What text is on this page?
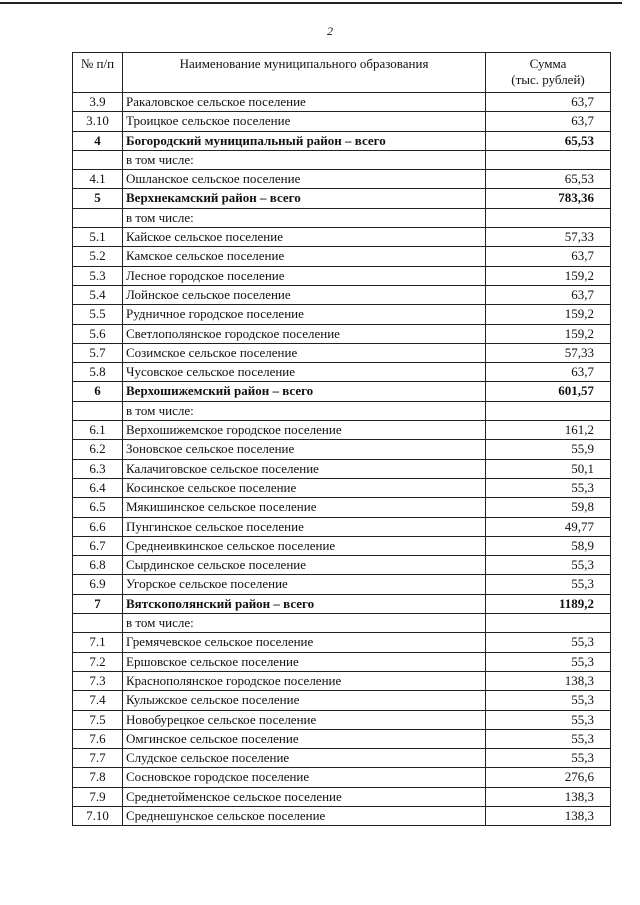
2
№ п/п	Наименование муниципального образования	Сумма
(тыс. рублей)
3.9	Ракаловское сельское поселение	63,7
3.10	Троицкое сельское поселение	63,7
4	Богородский муниципальный район – всего	65,53
	в том числе:	
4.1	Ошланское сельское поселение	65,53
5	Верхнекамский район – всего	783,36
	в том числе:	
5.1	Кайское сельское поселение	57,33
5.2	Камское сельское поселение	63,7
5.3	Лесное городское поселение	159,2
5.4	Лойнское сельское поселение	63,7
5.5	Рудничное городское поселение	159,2
5.6	Светлополянское городское поселение	159,2
5.7	Созимское сельское поселение	57,33
5.8	Чусовское сельское поселение	63,7
6	Верхошижемский район – всего	601,57
	в том числе:	
6.1	Верхошижемское городское поселение	161,2
6.2	Зоновское сельское поселение	55,9
6.3	Калачиговское сельское поселение	50,1
6.4	Косинское сельское поселение	55,3
6.5	Мякишинское сельское поселение	59,8
6.6	Пунгинское сельское поселение	49,77
6.7	Среднеивкинское сельское поселение	58,9
6.8	Сырдинское сельское поселение	55,3
6.9	Угорское сельское поселение	55,3
7	Вятскополянский район – всего	1189,2
	в том числе:	
7.1	Гремячевское сельское поселение	55,3
7.2	Ершовское сельское поселение	55,3
7.3	Краснополянское городское поселение	138,3
7.4	Кулыжское сельское поселение	55,3
7.5	Новобурецкое сельское поселение	55,3
7.6	Омгинское сельское поселение	55,3
7.7	Слудское сельское поселение	55,3
7.8	Сосновское городское поселение	276,6
7.9	Среднетойменское сельское поселение	138,3
7.10	Среднешунское сельское поселение	138,3
